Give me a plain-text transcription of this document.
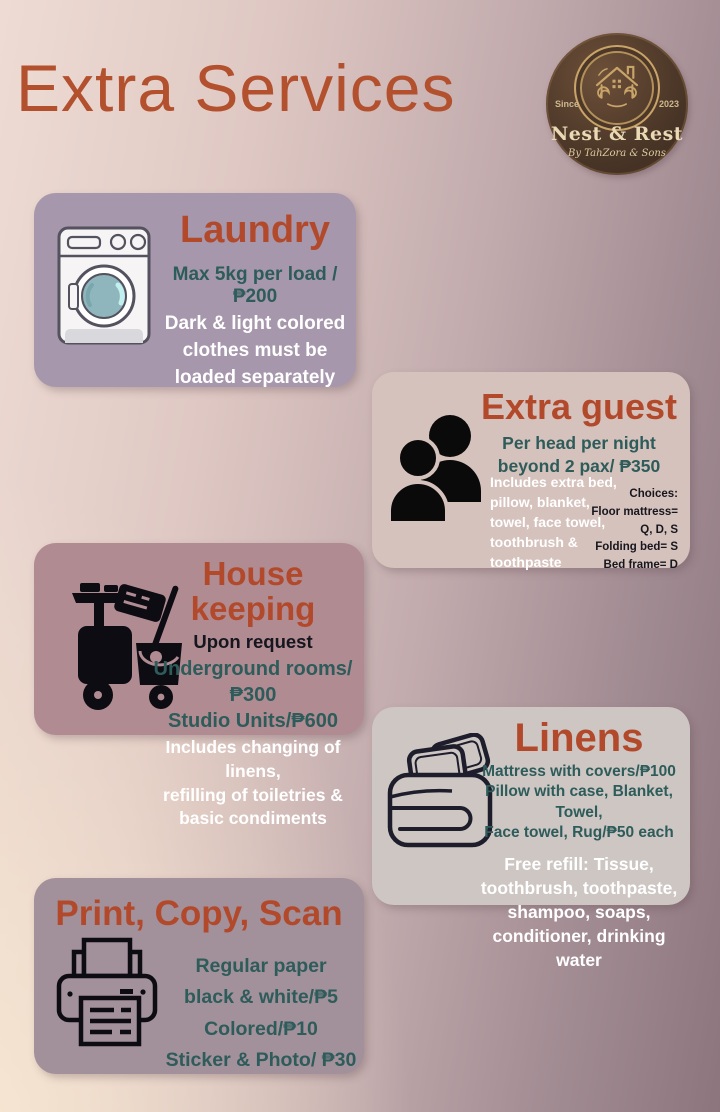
Extra Services	Since	2023
Nest & Rest
By TahZora & Sons
Laundry
Max 5kg per load /₱200
Dark & light colored
clothes must be
loaded separately
Extra guest
Per head per night
beyond 2 pax/ ₱350
Includes extra bed,
pillow, blanket,
towel, face towel,
toothbrush &
toothpaste
Choices:
Floor mattress=
Q, D, S
Folding bed= S
Bed frame= D
House keeping
Upon request
Underground rooms/₱300
Studio Units/₱600
Includes changing of linens,
refilling of toiletries &
basic condiments
Linens
Mattress with covers/₱100
Pillow with case, Blanket, Towel,
Face towel, Rug/₱50 each
Free refill: Tissue,
toothbrush, toothpaste,
shampoo, soaps,
conditioner, drinking water
Print, Copy, Scan
Regular paper
black & white/₱5
Colored/₱10
Sticker & Photo/ ₱30
